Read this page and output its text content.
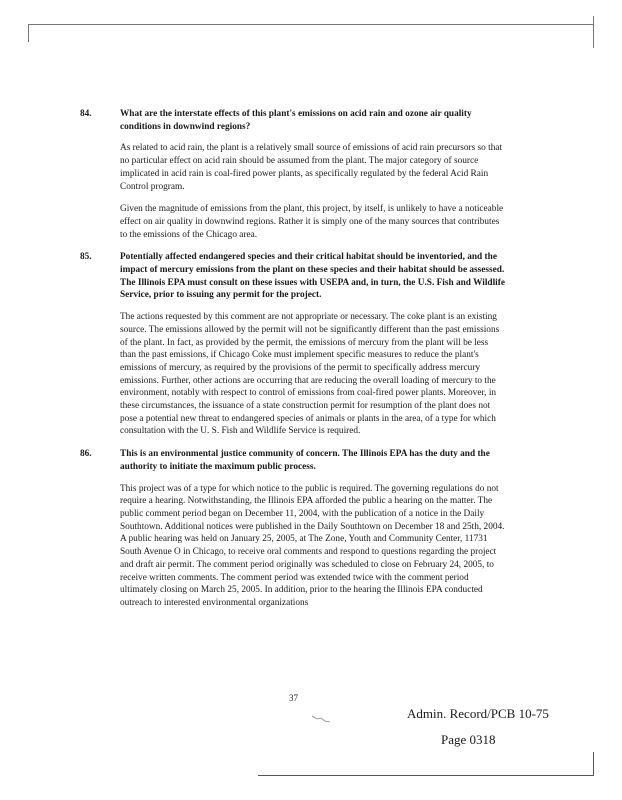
84.	What are the interstate effects of this plant's emissions on acid rain and ozone air quality conditions in downwind regions?

As related to acid rain, the plant is a relatively small source of emissions of acid rain precursors so that no particular effect on acid rain should be assumed from the plant. The major category of source implicated in acid rain is coal-fired power plants, as specifically regulated by the federal Acid Rain Control program.

Given the magnitude of emissions from the plant, this project, by itself, is unlikely to have a noticeable effect on air quality in downwind regions. Rather it is simply one of the many sources that contributes to the emissions of the Chicago area.

85.	Potentially affected endangered species and their critical habitat should be inventoried, and the impact of mercury emissions from the plant on these species and their habitat should be assessed. The Illinois EPA must consult on these issues with USEPA and, in turn, the U.S. Fish and Wildlife Service, prior to issuing any permit for the project.

The actions requested by this comment are not appropriate or necessary. The coke plant is an existing source. The emissions allowed by the permit will not be significantly different than the past emissions of the plant. In fact, as provided by the permit, the emissions of mercury from the plant will be less than the past emissions, if Chicago Coke must implement specific measures to reduce the plant's emissions of mercury, as required by the provisions of the permit to specifically address mercury emissions. Further, other actions are occurring that are reducing the overall loading of mercury to the environment, notably with respect to control of emissions from coal-fired power plants. Moreover, in these circumstances, the issuance of a state construction permit for resumption of the plant does not pose a potential new threat to endangered species of animals or plants in the area, of a type for which consultation with the U. S. Fish and Wildlife Service is required.

86.	This is an environmental justice community of concern. The Illinois EPA has the duty and the authority to initiate the maximum public process.

This project was of a type for which notice to the public is required. The governing regulations do not require a hearing. Notwithstanding, the Illinois EPA afforded the public a hearing on the matter. The public comment period began on December 11, 2004, with the publication of a notice in the Daily Southtown. Additional notices were published in the Daily Southtown on December 18 and 25th, 2004. A public hearing was held on January 25, 2005, at The Zone, Youth and Community Center, 11731 South Avenue O in Chicago, to receive oral comments and respond to questions regarding the project and draft air permit. The comment period originally was scheduled to close on February 24, 2005, to receive written comments. The comment period was extended twice with the comment period ultimately closing on March 25, 2005. In addition, prior to the hearing the Illinois EPA conducted outreach to interested environmental organizations

37
Admin. Record/PCB 10-75
Page 0318
